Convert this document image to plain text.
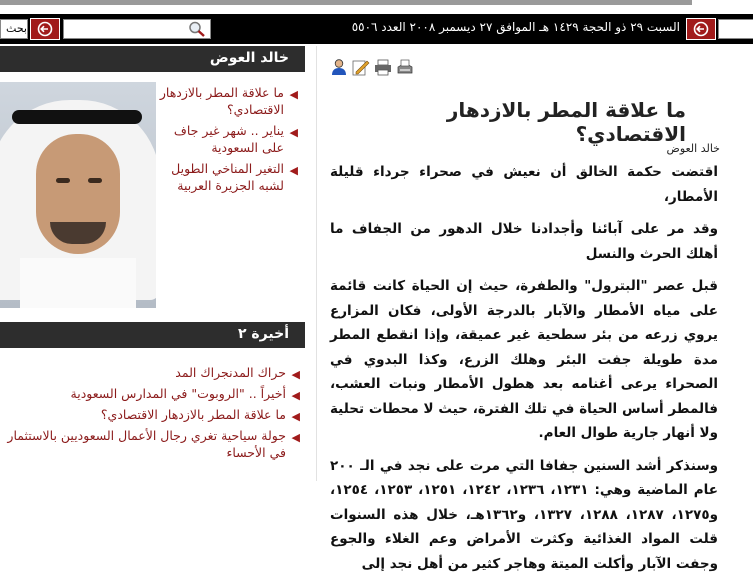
بحث	السبت ٢٩ ذو الحجة ١٤٢٩ هـ الموافق ٢٧ ديسمبر ٢٠٠٨ العدد ٥٥٠٦
خالد العوض
◀
ما علاقة المطر بالازدهار الاقتصادي؟
◀
يناير .. شهر غير جاف على السعودية
◀
التغير المناخي الطويل لشبه الجزيرة العربية
أخيرة ٢
◀
حراك المدنجراك المد
◀
أخيراً .. "الروبوت" في المدارس السعودية
◀
ما علاقة المطر بالازدهار الاقتصادي؟
◀
جولة سياحية تغري رجال الأعمال السعوديين بالاستثمار في الأحساء
ما علاقة المطر بالازدهار الاقتصادي؟
خالد العوض

اقتضت حكمة الخالق أن نعيش في صحراء جرداء قليلة الأمطار،

وقد مر على آبائنا وأجدادنا خلال الدهور من الجفاف ما أهلك الحرث والنسل

قبل عصر "البترول" والطفرة، حيث إن الحياة كانت قائمة على مياه الأمطار والآبار بالدرجة الأولى، فكان المزارع يروي زرعه من بئر سطحية غير عميقة، وإذا انقطع المطر مدة طويلة جفت البئر وهلك الزرع، وكذا البدوي في الصحراء يرعى أغنامه بعد هطول الأمطار ونبات العشب، فالمطر أساس الحياة في تلك الفترة، حيث لا محطات تحلية ولا أنهار جارية طوال العام.

وسنذكر أشد السنين جفافا التي مرت على نجد في الـ ٢٠٠ عام الماضية وهي: ١٢٣١، ١٢٣٦، ١٢٤٢، ١٢٥١، ١٢٥٣، ١٢٥٤، و١٢٧٥، ١٢٨٧، ١٢٨٨، ١٣٢٧، و١٣٦٢هـ، خلال هذه السنوات قلت المواد الغذائية وكثرت الأمراض وعم الغلاء والجوع وجفت الآبار وأكلت الميتة وهاجر كثير من أهل نجد إلى
